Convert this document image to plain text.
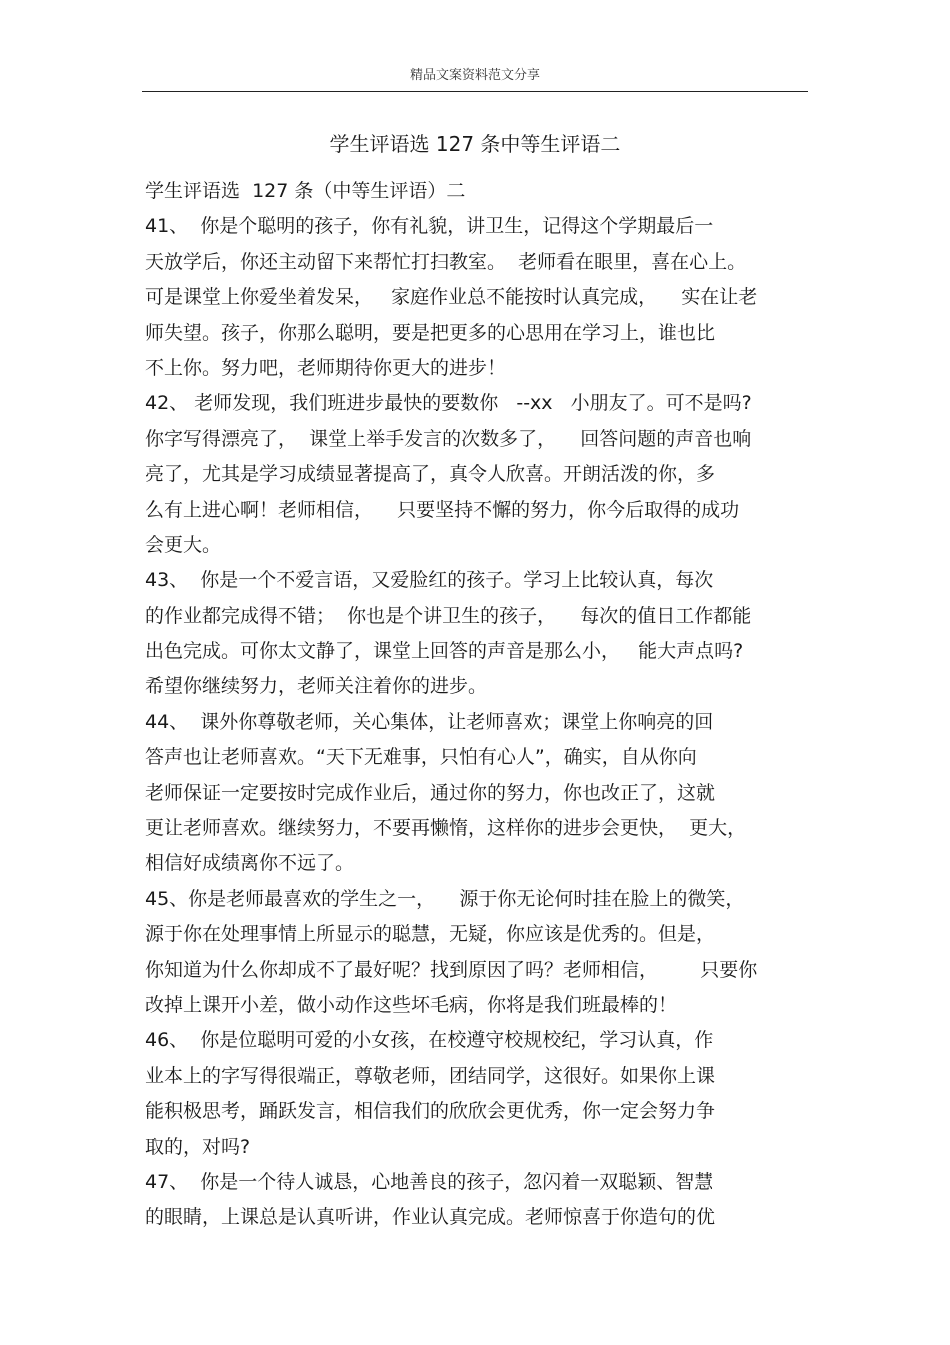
精品文案资料范文分享
学生评语选 127 条中等生评语二
学生评语选  127 条（中等生评语）二
41、  你是个聪明的孩子，你有礼貌，讲卫生，记得这个学期最后一
天放学后，你还主动留下来帮忙打扫教室。  老师看在眼里，喜在心上。
可是课堂上你爱坐着发呆，   家庭作业总不能按时认真完成，    实在让老
师失望。孩子，你那么聪明，要是把更多的心思用在学习上，谁也比
不上你。努力吧，老师期待你更大的进步！
42、 老师发现，我们班进步最快的要数你   --xx   小朋友了。可不是吗?
你字写得漂亮了，  课堂上举手发言的次数多了，    回答问题的声音也响
亮了，尤其是学习成绩显著提高了，真令人欣喜。开朗活泼的你，多
么有上进心啊！老师相信，    只要坚持不懈的努力，你今后取得的成功
会更大。
43、  你是一个不爱言语，又爱脸红的孩子。学习上比较认真，每次
的作业都完成得不错；  你也是个讲卫生的孩子，    每次的值日工作都能
出色完成。可你太文静了，课堂上回答的声音是那么小，   能大声点吗?
希望你继续努力，老师关注着你的进步。
44、  课外你尊敬老师，关心集体，让老师喜欢；课堂上你响亮的回
答声也让老师喜欢。“天下无难事，只怕有心人”，确实，自从你向
老师保证一定要按时完成作业后，通过你的努力，你也改正了，这就
更让老师喜欢。继续努力，不要再懒惰，这样你的进步会更快，  更大，
相信好成绩离你不远了。
45、你是老师最喜欢的学生之一，    源于你无论何时挂在脸上的微笑，
源于你在处理事情上所显示的聪慧，无疑，你应该是优秀的。但是，
你知道为什么你却成不了最好呢？找到原因了吗？老师相信，       只要你
改掉上课开小差，做小动作这些坏毛病，你将是我们班最棒的！
46、  你是位聪明可爱的小女孩，在校遵守校规校纪，学习认真，作
业本上的字写得很端正，尊敬老师，团结同学，这很好。如果你上课
能积极思考，踊跃发言，相信我们的欣欣会更优秀，你一定会努力争
取的，对吗?
47、  你是一个待人诚恳，心地善良的孩子，忽闪着一双聪颖、智慧
的眼睛，上课总是认真听讲，作业认真完成。老师惊喜于你造句的优
